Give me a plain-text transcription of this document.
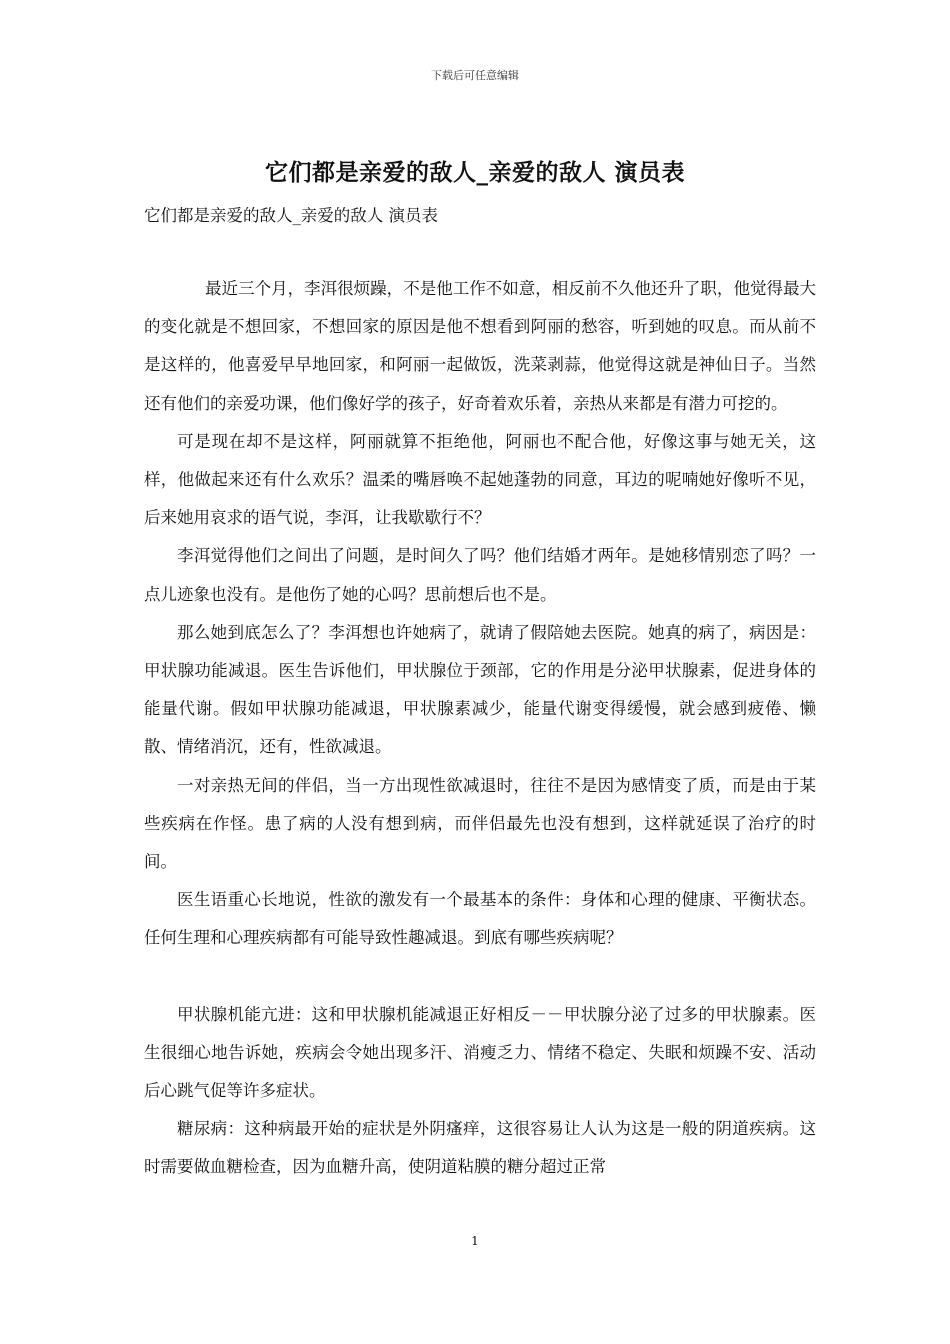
下载后可任意编辑
它们都是亲爱的敌人_亲爱的敌人 演员表
它们都是亲爱的敌人_亲爱的敌人 演员表

最近三个月，李洱很烦躁，不是他工作不如意，相反前不久他还升了职，他觉得最大的变化就是不想回家，不想回家的原因是他不想看到阿丽的愁容，听到她的叹息。而从前不是这样的，他喜爱早早地回家，和阿丽一起做饭，洗菜剥蒜，他觉得这就是神仙日子。当然还有他们的亲爱功课，他们像好学的孩子，好奇着欢乐着，亲热从来都是有潜力可挖的。

可是现在却不是这样，阿丽就算不拒绝他，阿丽也不配合他，好像这事与她无关，这样，他做起来还有什么欢乐？温柔的嘴唇唤不起她蓬勃的同意，耳边的呢喃她好像听不见，后来她用哀求的语气说，李洱，让我歇歇行不？

李洱觉得他们之间出了问题，是时间久了吗？他们结婚才两年。是她移情别恋了吗？一点儿迹象也没有。是他伤了她的心吗？思前想后也不是。

那么她到底怎么了？李洱想也许她病了，就请了假陪她去医院。她真的病了，病因是：甲状腺功能减退。医生告诉他们，甲状腺位于颈部，它的作用是分泌甲状腺素，促进身体的能量代谢。假如甲状腺功能减退，甲状腺素减少，能量代谢变得缓慢，就会感到疲倦、懒散、情绪消沉，还有，性欲减退。

一对亲热无间的伴侣，当一方出现性欲减退时，往往不是因为感情变了质，而是由于某些疾病在作怪。患了病的人没有想到病，而伴侣最先也没有想到，这样就延误了治疗的时间。

医生语重心长地说，性欲的激发有一个最基本的条件：身体和心理的健康、平衡状态。任何生理和心理疾病都有可能导致性趣减退。到底有哪些疾病呢？

甲状腺机能亢进：这和甲状腺机能减退正好相反－－甲状腺分泌了过多的甲状腺素。医生很细心地告诉她，疾病会令她出现多汗、消瘦乏力、情绪不稳定、失眠和烦躁不安、活动后心跳气促等许多症状。

糖尿病：这种病最开始的症状是外阴瘙痒，这很容易让人认为这是一般的阴道疾病。这时需要做血糖检查，因为血糖升高，使阴道粘膜的糖分超过正常

1
